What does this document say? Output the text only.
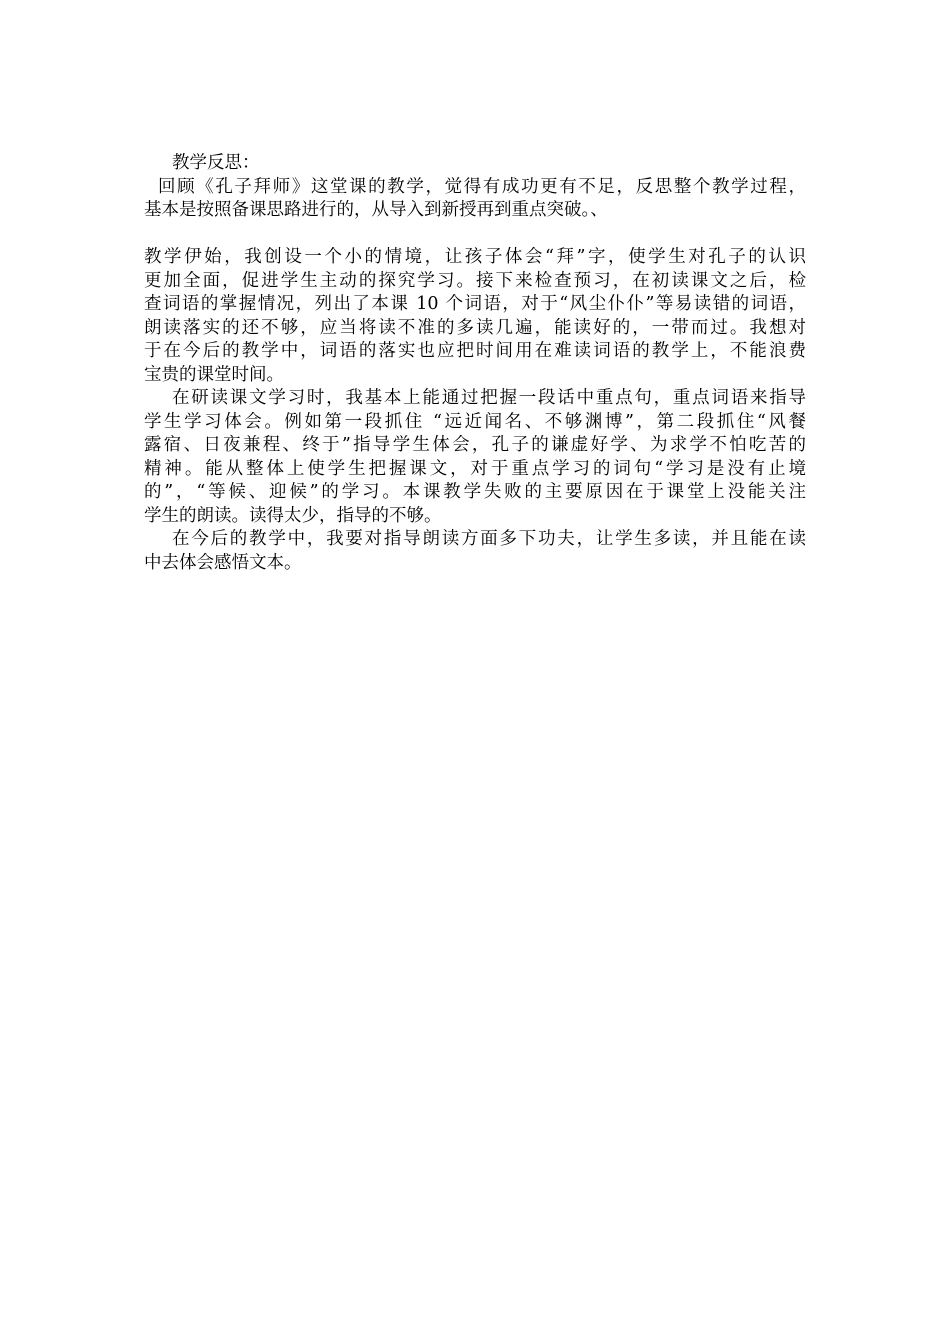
教学反思：
回顾《孔子拜师》这堂课的教学，觉得有成功更有不足，反思整个教学过程，
基本是按照备课思路进行的，从导入到新授再到重点突破。、
教学伊始，我创设一个小的情境，让孩子体会“拜”字，使学生对孔子的认识
更加全面，促进学生主动的探究学习。接下来检查预习，在初读课文之后，检
查词语的掌握情况，列出了本课 10 个词语，对于“风尘仆仆”等易读错的词语，
朗读落实的还不够，应当将读不准的多读几遍，能读好的，一带而过。我想对
于在今后的教学中，词语的落实也应把时间用在难读词语的教学上，不能浪费
宝贵的课堂时间。
在研读课文学习时，我基本上能通过把握一段话中重点句，重点词语来指导
学生学习体会。例如第一段抓住 “远近闻名、不够渊博”，第二段抓住“风餐
露宿、日夜兼程、终于”指导学生体会，孔子的谦虚好学、为求学不怕吃苦的
精神。能从整体上使学生把握课文，对于重点学习的词句“学习是没有止境
的”，“等候、迎候”的学习。本课教学失败的主要原因在于课堂上没能关注
学生的朗读。读得太少，指导的不够。
在今后的教学中，我要对指导朗读方面多下功夫，让学生多读，并且能在读
中去体会感悟文本。
